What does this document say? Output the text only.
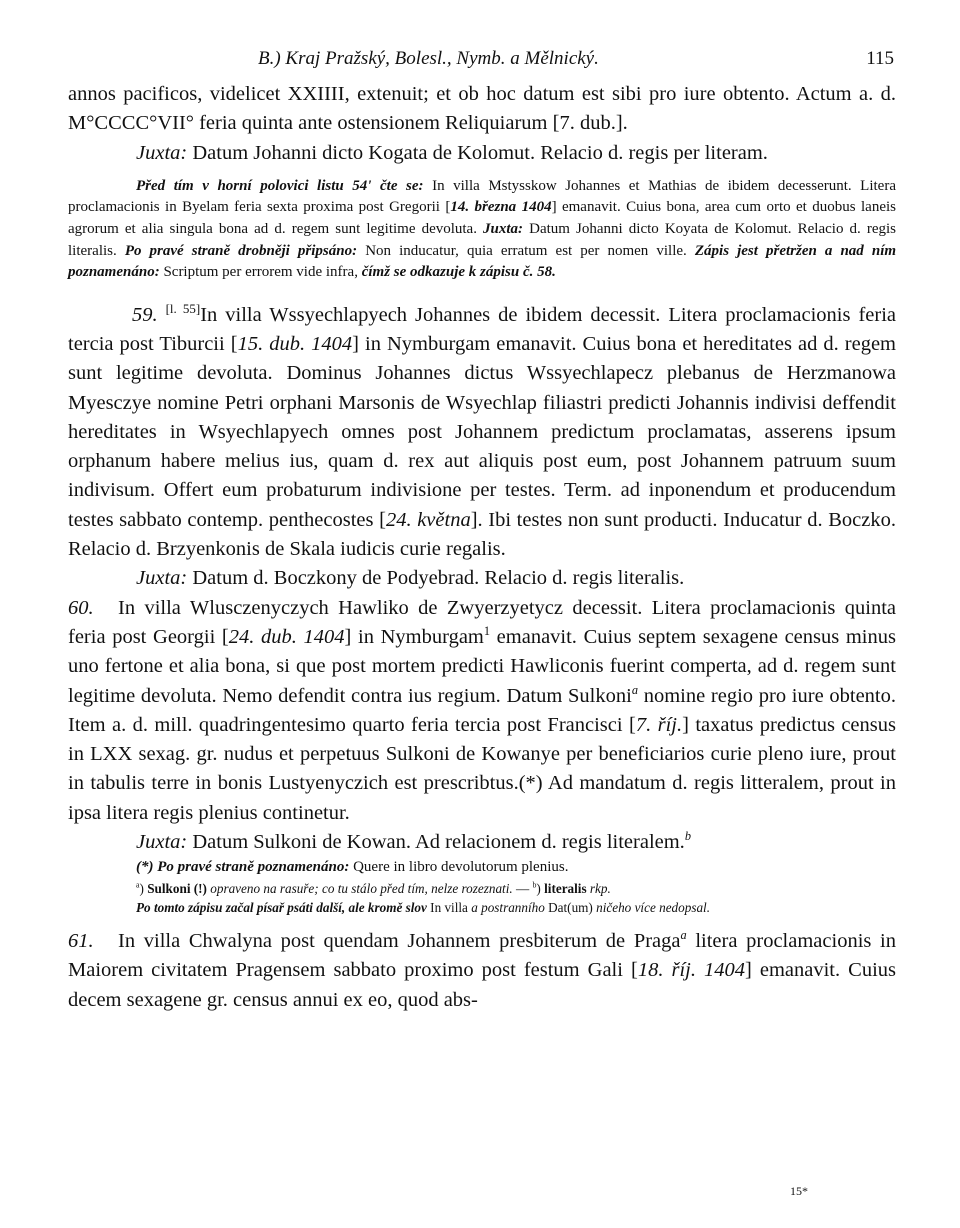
B.) Kraj Pražský, Bolesl., Nymb. a Mělnický.	115

annos pacificos, videlicet XXIIII, extenuit; et ob hoc datum est sibi pro iure obtento. Actum a. d. M°CCCC°VII° feria quinta ante ostensionem Reliquiarum [7. dub.].

Juxta: Datum Johanni dicto Kogata de Kolomut. Relacio d. regis per literam.

Před tím v horní polovici listu 54' čte se: In villa Mstysskow Johannes et Mathias de ibidem decesserunt. Litera proclamacionis in Byelam feria sexta proxima post Gregorii [14. března 1404] emanavit. Cuius bona, area cum orto et duobus laneis agrorum et alia singula bona ad d. regem sunt legitime devoluta. Juxta: Datum Johanni dicto Koyata de Kolomut. Relacio d. regis literalis. Po pravé straně drobněji připsáno: Non inducatur, quia erratum est per nomen ville. Zápis jest přetržen a nad ním poznamenáno: Scriptum per errorem vide infra, čímž se odkazuje k zápisu č. 58.

59. [l. 55]In villa Wssyechlapyech Johannes de ibidem decessit. Litera proclamacionis feria tercia post Tiburcii [15. dub. 1404] in Nymburgam emanavit. Cuius bona et hereditates ad d. regem sunt legitime devoluta. Dominus Johannes dictus Wssyechlapecz plebanus de Herzmanowa Myesczye nomine Petri orphani Marsonis de Wsyechlap filiastri predicti Johannis indivisi deffendit hereditates in Wsyechlapyech omnes post Johannem predictum proclamatas, asserens ipsum orphanum habere melius ius, quam d. rex aut aliquis post eum, post Johannem patruum suum indivisum. Offert eum probaturum indivisione per testes. Term. ad inponendum et producendum testes sabbato contemp. penthecostes [24. května]. Ibi testes non sunt producti. Inducatur d. Boczko. Relacio d. Brzyenkonis de Skala iudicis curie regalis.

Juxta: Datum d. Boczkony de Podyebrad. Relacio d. regis literalis.

60. In villa Wlusczenyczych Hawliko de Zwyerzyetycz decessit. Litera proclamacionis quinta feria post Georgii [24. dub. 1404] in Nymburgam$^1$ emanavit. Cuius septem sexagene census minus uno fertone et alia bona, si que post mortem predicti Hawliconis fuerint comperta, ad d. regem sunt legitime devoluta. Nemo defendit contra ius regium. Datum Sulkoni$^a$ nomine regio pro iure obtento. Item a. d. mill. quadringentesimo quarto feria tercia post Francisci [7. říj.] taxatus predictus census in LXX sexag. gr. nudus et perpetuus Sulkoni de Kowanye per beneficiarios curie pleno iure, prout in tabulis terre in bonis Lustyenyczich est prescribtus.(*) Ad mandatum d. regis litteralem, prout in ipsa litera regis plenius continetur.

Juxta: Datum Sulkoni de Kowan. Ad relacionem d. regis literalem.$^b$

(*) Po pravé straně poznamenáno: Quere in libro devolutorum plenius.

$^a$) Sulkoni (!) opraveno na rasuře; co tu stálo před tím, nelze rozeznati. — $^b$) literalis rkp.

Po tomto zápisu začal písař psáti další, ale kromě slov In villa a postranního Dat(um) ničeho více nedopsal.

61. In villa Chwalyna post quendam Johannem presbiterum de Praga$^a$ litera proclamacionis in Maiorem civitatem Pragensem sabbato proximo post festum Gali [18. říj. 1404] emanavit. Cuius decem sexagene gr. census annui ex eo, quod abs-

15*
